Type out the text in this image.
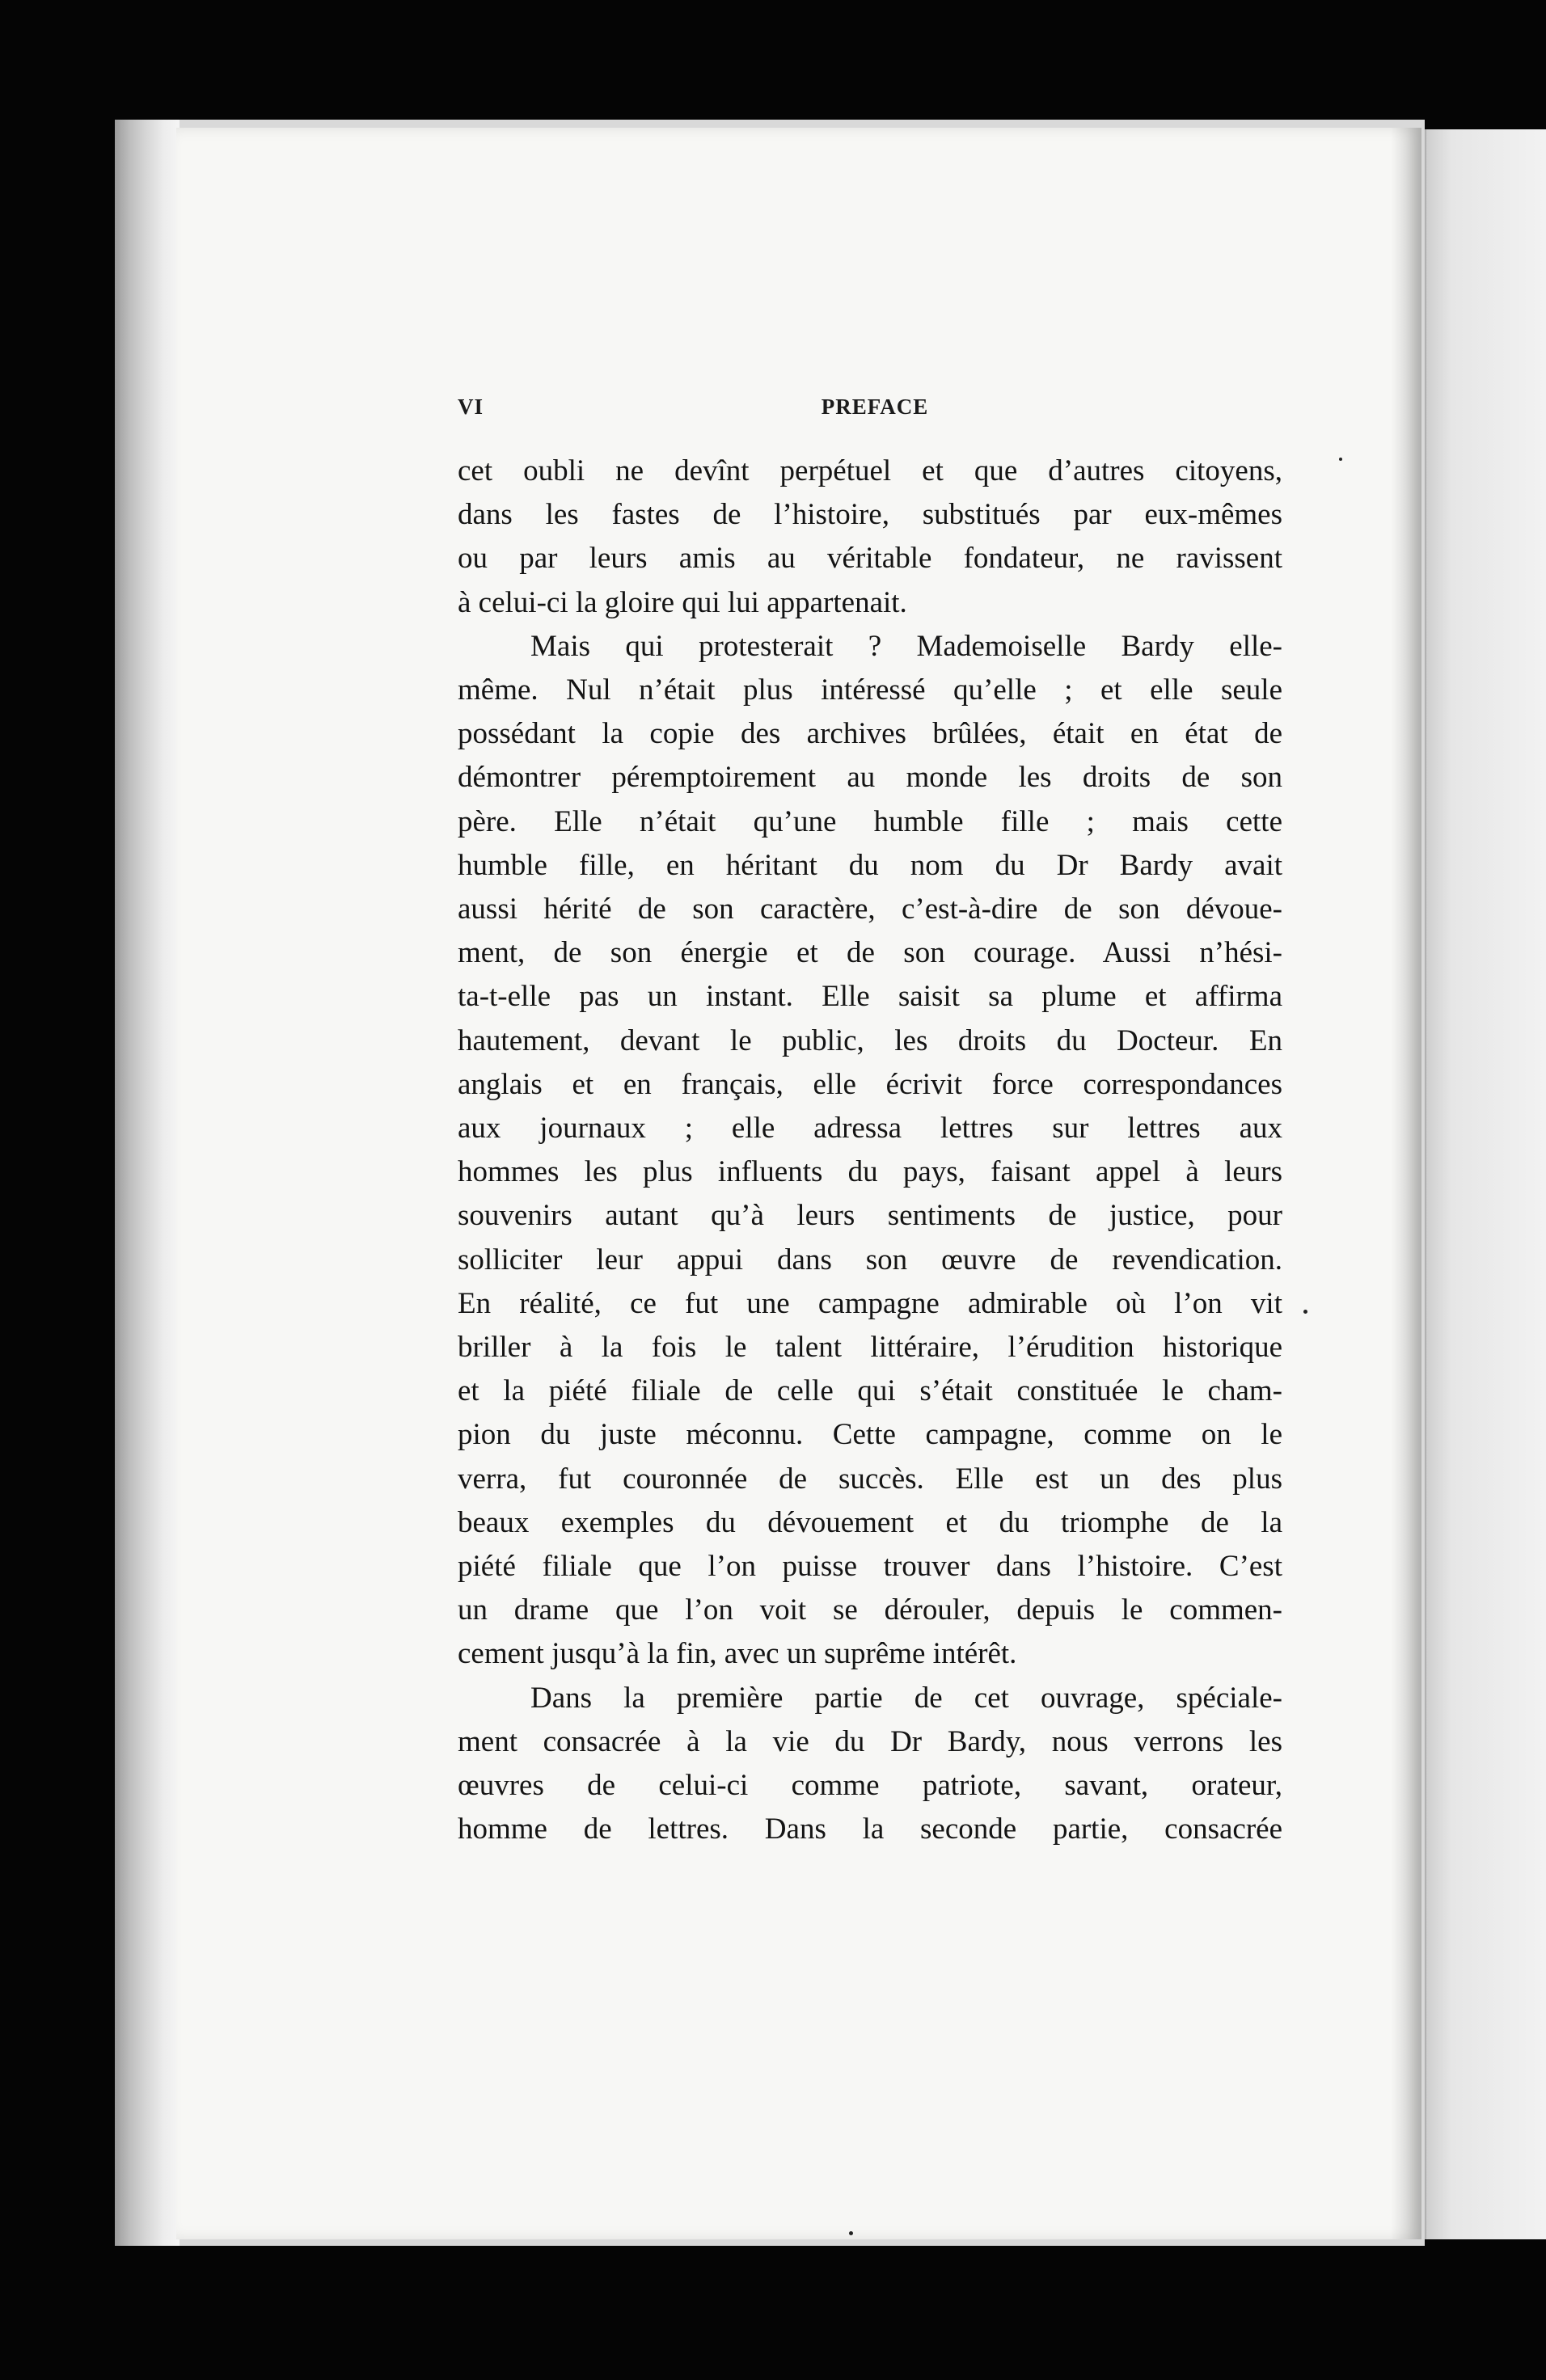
VI	PREFACE

cet oubli ne devînt perpétuel et que d’autres citoyens,
dans les fastes de l’histoire, substitués par eux-mêmes
ou par leurs amis au véritable fondateur, ne ravissent
à celui-ci la gloire qui lui appartenait.

Mais qui protesterait ? Mademoiselle Bardy elle-
même. Nul n’était plus intéressé qu’elle ; et elle seule
possédant la copie des archives brûlées, était en état de
démontrer péremptoirement au monde les droits de son
père. Elle n’était qu’une humble fille ; mais cette
humble fille, en héritant du nom du Dr Bardy avait
aussi hérité de son caractère, c’est-à-dire de son dévoue-
ment, de son énergie et de son courage. Aussi n’hési-
ta-t-elle pas un instant. Elle saisit sa plume et affirma
hautement, devant le public, les droits du Docteur. En
anglais et en français, elle écrivit force correspondances
aux journaux ; elle adressa lettres sur lettres aux
hommes les plus influents du pays, faisant appel à leurs
souvenirs autant qu’à leurs sentiments de justice, pour
solliciter leur appui dans son œuvre de revendication.
En réalité, ce fut une campagne admirable où l’on vit
briller à la fois le talent littéraire, l’érudition historique
et la piété filiale de celle qui s’était constituée le cham-
pion du juste méconnu. Cette campagne, comme on le
verra, fut couronnée de succès. Elle est un des plus
beaux exemples du dévouement et du triomphe de la
piété filiale que l’on puisse trouver dans l’histoire. C’est
un drame que l’on voit se dérouler, depuis le commen-
cement jusqu’à la fin, avec un suprême intérêt.

Dans la première partie de cet ouvrage, spéciale-
ment consacrée à la vie du Dr Bardy, nous verrons les
œuvres de celui-ci comme patriote, savant, orateur,
homme de lettres. Dans la seconde partie, consacrée
